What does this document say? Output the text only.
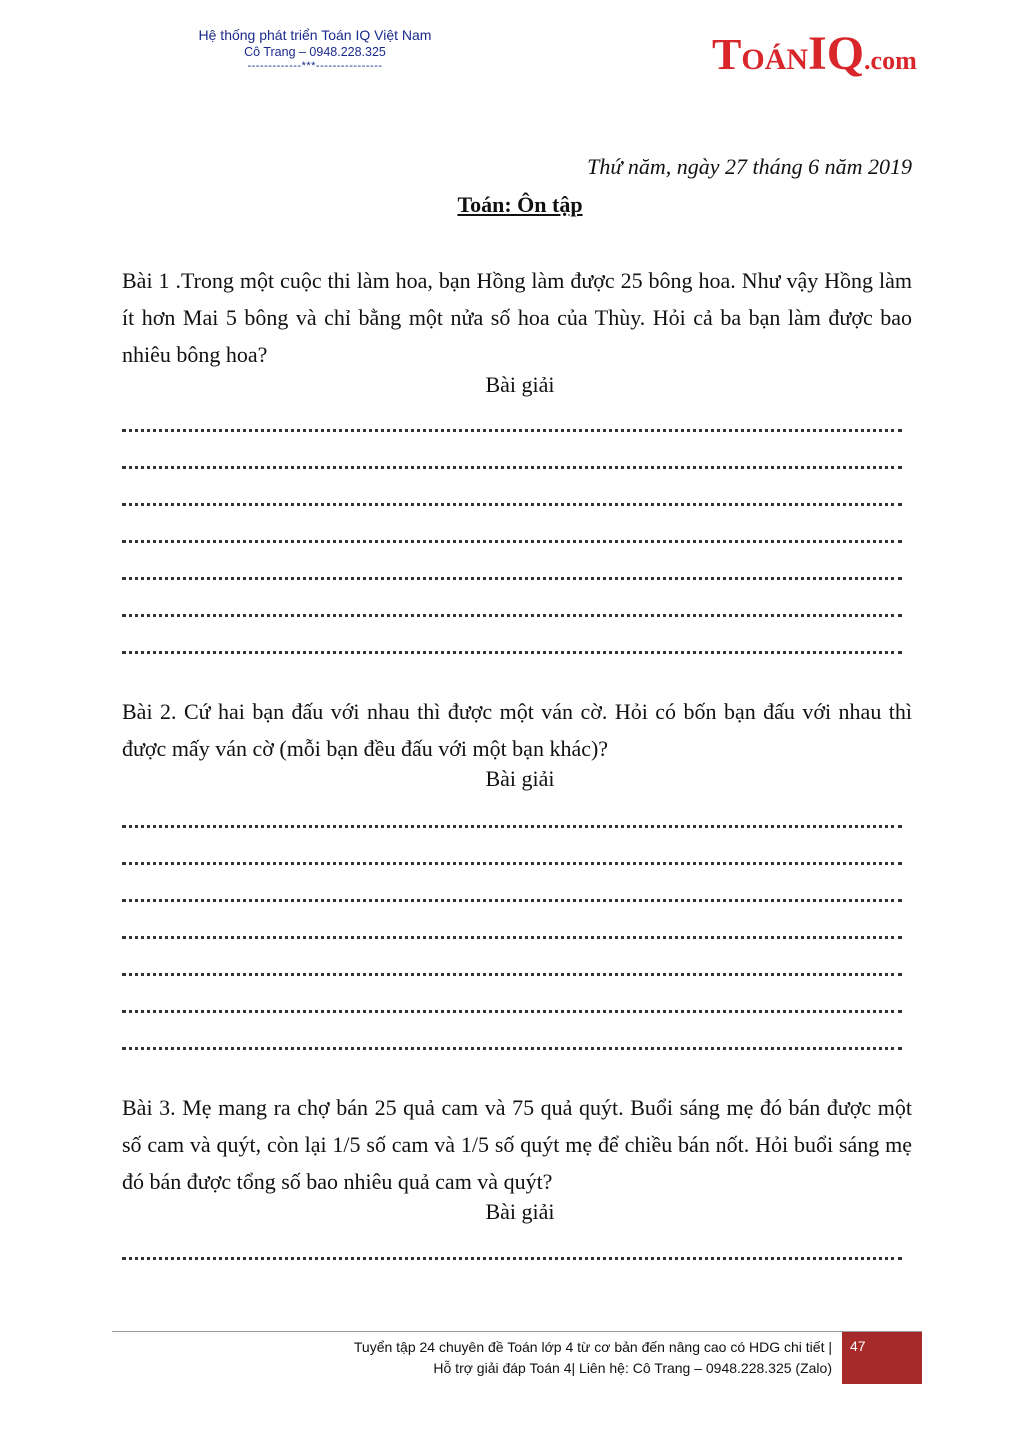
Hệ thống phát triển Toán IQ Việt Nam
Cô Trang – 0948.228.325
-------------***----------------	TOÁNIQ.com
Thứ năm, ngày 27 tháng 6 năm 2019
Toán: Ôn tập
Bài 1 .Trong một cuộc thi làm hoa, bạn Hồng làm được 25 bông hoa. Như vậy Hồng làm ít hơn Mai 5 bông và chỉ bằng một nửa số hoa của Thùy. Hỏi cả ba bạn làm được bao nhiêu bông hoa?
Bài giải
Bài 2. Cứ hai bạn đấu với nhau thì được một ván cờ. Hỏi có bốn bạn đấu với nhau thì được mấy ván cờ (mỗi bạn đều đấu với một bạn khác)?
Bài giải
Bài 3. Mẹ mang ra chợ bán 25 quả cam và 75 quả quýt. Buổi sáng mẹ đó bán được một số cam và quýt, còn lại 1/5 số cam và 1/5 số quýt mẹ để chiều bán nốt. Hỏi buổi sáng mẹ đó bán được tổng số bao nhiêu quả cam và quýt?
Bài giải
Tuyển tập 24 chuyên đề Toán lớp 4 từ cơ bản đến nâng cao có HDG chi tiết |
Hỗ trợ giải đáp Toán 4| Liên hệ: Cô Trang – 0948.228.325 (Zalo)
47
